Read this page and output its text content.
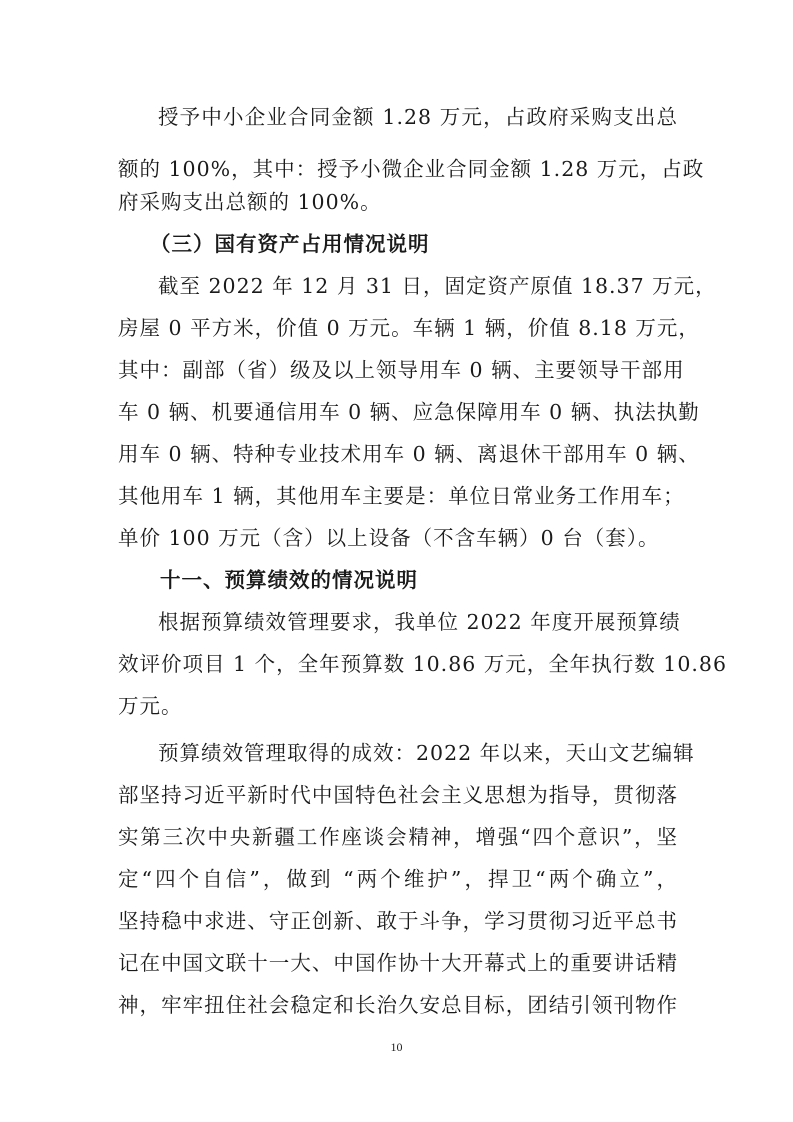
授予中小企业合同金额 1.28 万元，占政府采购支出总
额的 100%，其中：授予小微企业合同金额 1.28 万元，占政
府采购支出总额的 100%。
（三）国有资产占用情况说明
截至 2022 年 12 月 31 日，固定资产原值 18.37 万元，
房屋 0 平方米，价值 0 万元。车辆 1 辆，价值 8.18 万元，
其中：副部（省）级及以上领导用车 0 辆、主要领导干部用
车 0 辆、机要通信用车 0 辆、应急保障用车 0 辆、执法执勤
用车 0 辆、特种专业技术用车 0 辆、离退休干部用车 0 辆、
其他用车 1 辆，其他用车主要是：单位日常业务工作用车；
单价 100 万元（含）以上设备（不含车辆）0 台（套）。
十一、预算绩效的情况说明
根据预算绩效管理要求，我单位 2022 年度开展预算绩
效评价项目 1 个，全年预算数 10.86 万元，全年执行数 10.86
万元。
预算绩效管理取得的成效：2022 年以来，天山文艺编辑
部坚持习近平新时代中国特色社会主义思想为指导，贯彻落
实第三次中央新疆工作座谈会精神，增强“四个意识”，坚
定“四个自信”，做到 “两个维护”，捍卫“两个确立”，
坚持稳中求进、守正创新、敢于斗争，学习贯彻习近平总书
记在中国文联十一大、中国作协十大开幕式上的重要讲话精
神，牢牢扭住社会稳定和长治久安总目标，团结引领刊物作
10
